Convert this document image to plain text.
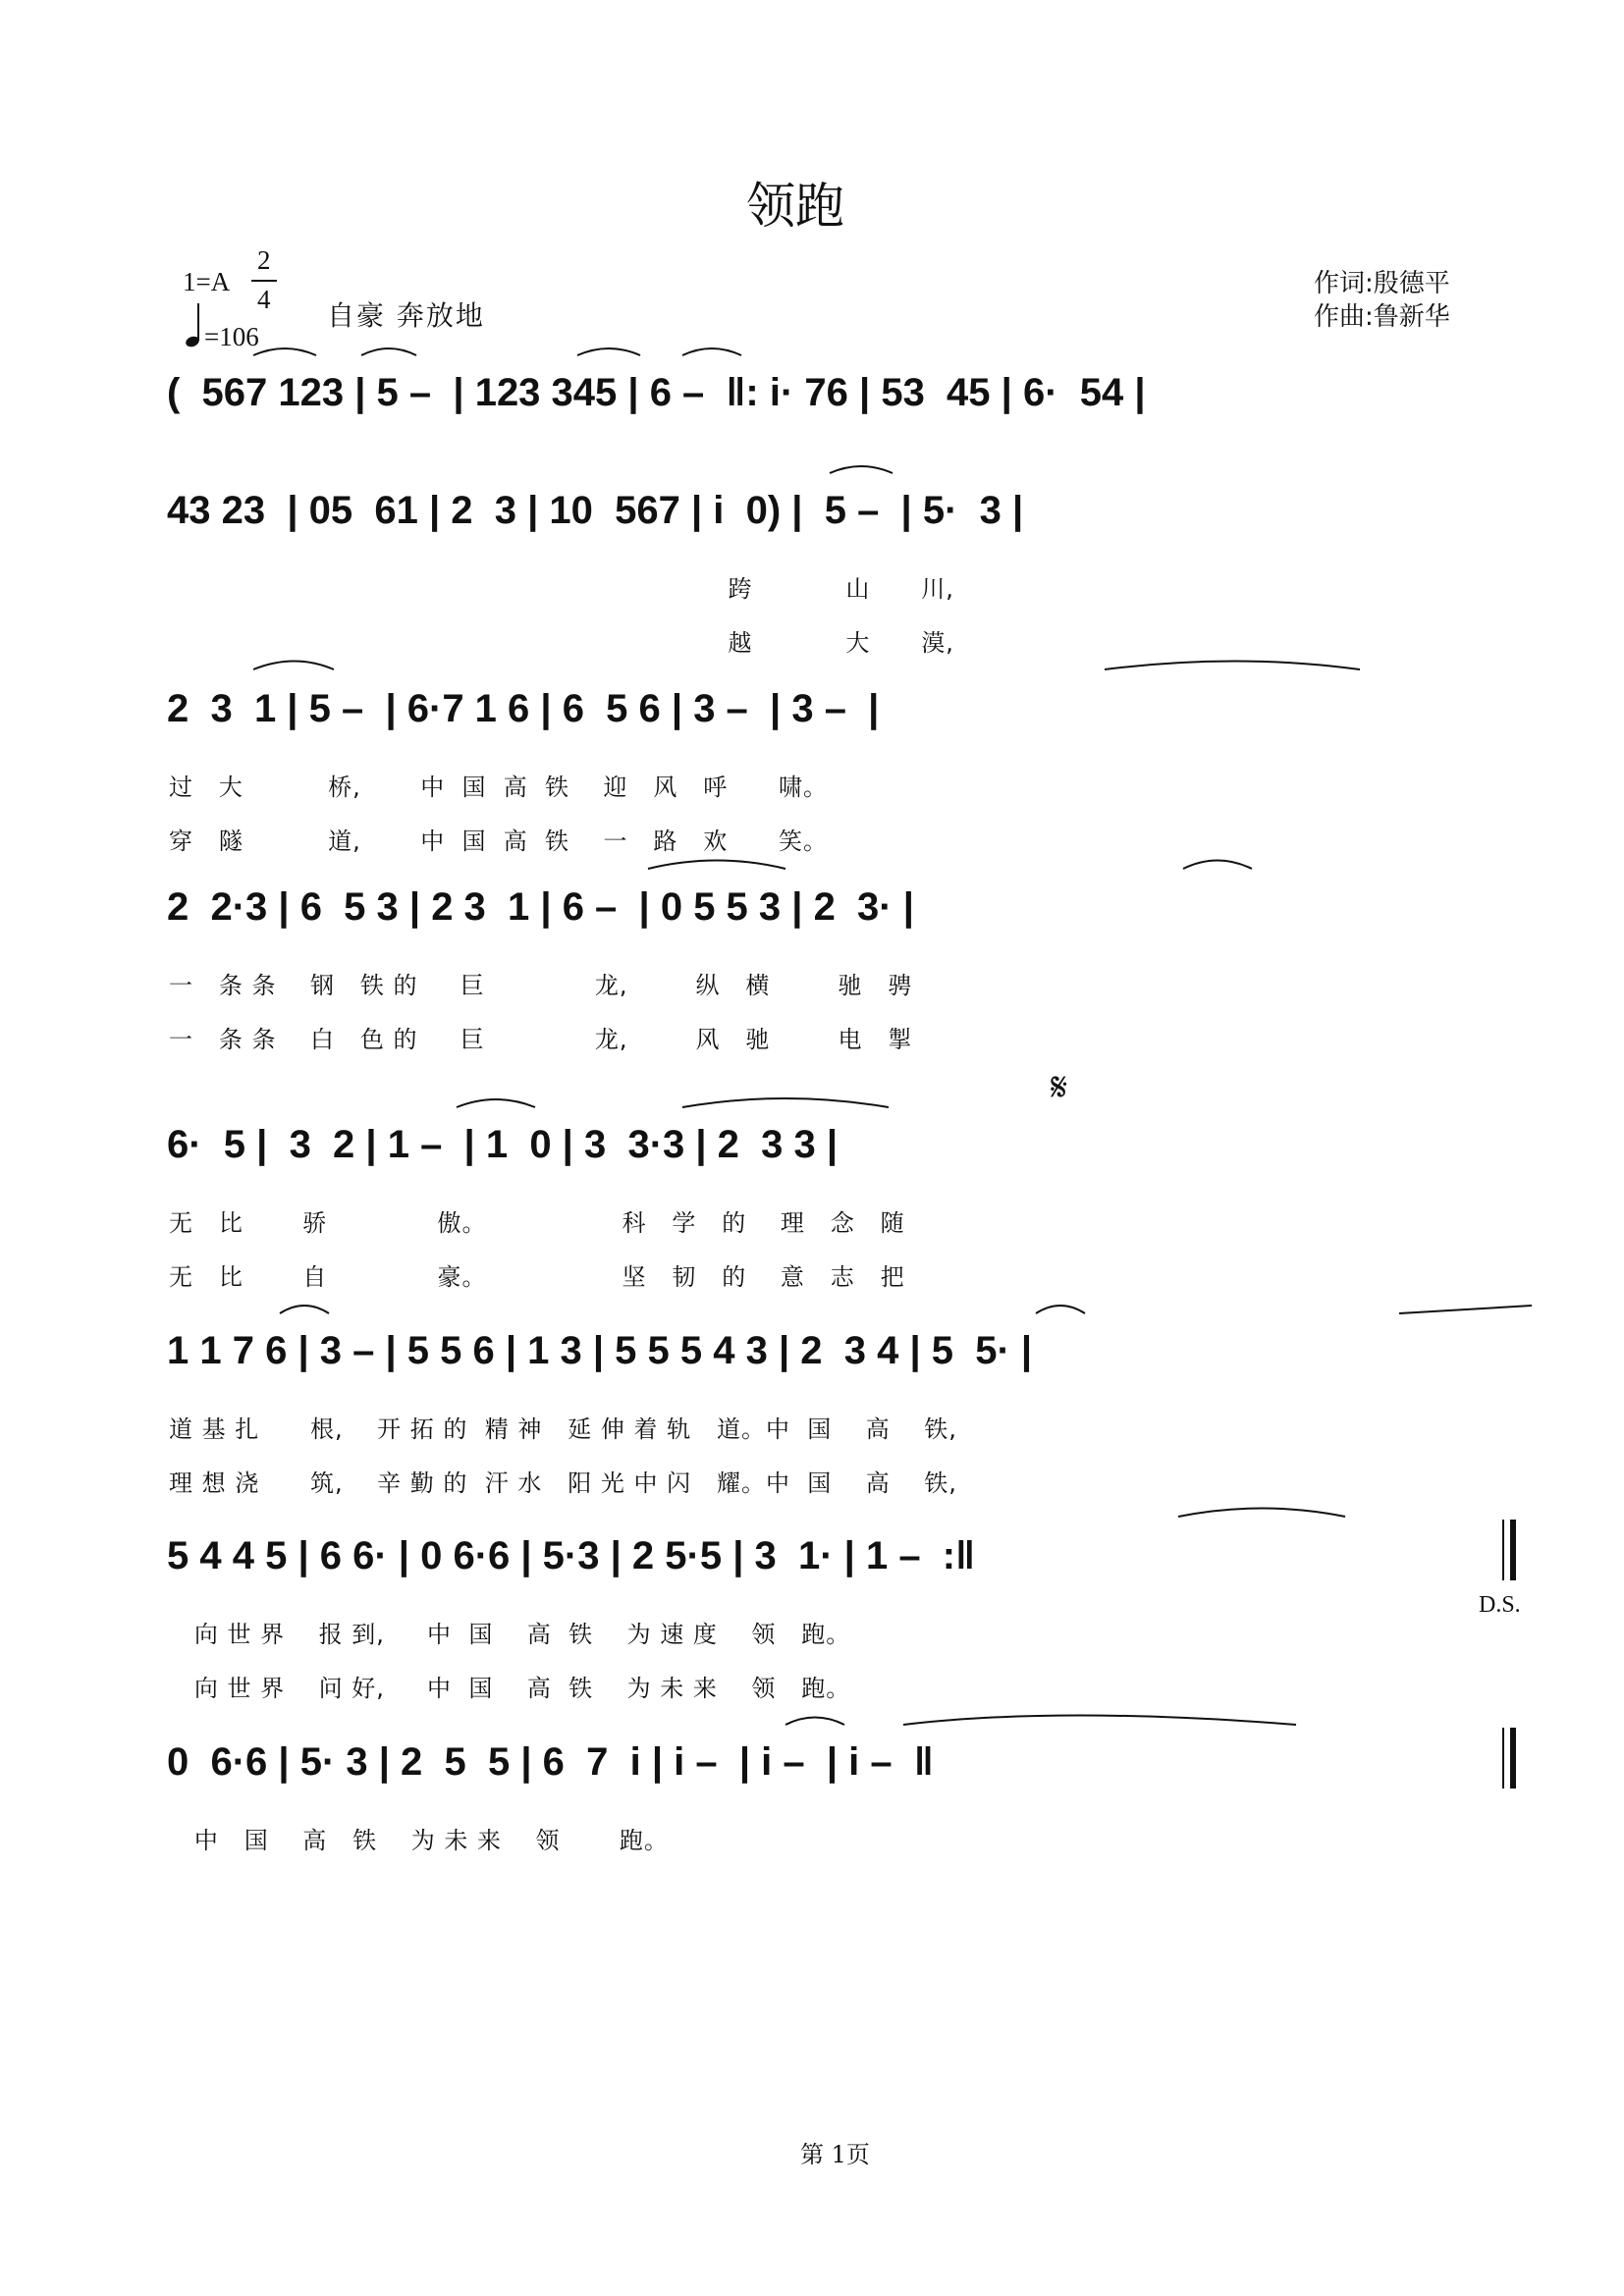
领跑
1=A
2
4
=106
自豪 奔放地
作词:殷德平
作曲:鲁新华
(  567 123 | 5 –  | 123 345 | 6 –  ‖: i· 76 | 53  45 | 6·  54 |
43 23  | 05  61 | 2  3 | 10  567 | i  0) |  5 –  | 5·  3 |
跨           山      川,
越           大      漠,
2  3  1 | 5 –  | 6·7 1 6 | 6  5 6 | 3 –  | 3 –  |
过   大          桥,       中  国  高  铁    迎   风   呼      啸。
穿   隧          道,       中  国  高  铁    一   路   欢      笑。
2  2·3 | 6  5 3 | 2 3  1 | 6 –  | 0 5 5 3 | 2  3· |
一   条 条    钢   铁 的     巨             龙,        纵   横        驰   骋
一   条 条    白   色 的     巨             龙,        风   驰        电   掣
𝄋
6·  5 |  3  2 | 1 –  | 1  0 | 3  3·3 | 2  3 3 |
无   比       骄             傲。                科   学   的    理   念   随
无   比       自             豪。                坚   韧   的    意   志   把
1 1 7 6 | 3 – | 5 5 6 | 1 3 | 5 5 5 4 3 | 2  3 4 | 5  5· |
道 基 扎      根,    开 拓 的  精 神   延 伸 着 轨   道。中  国    高    铁,
理 想 浇      筑,    辛 勤 的  汗 水   阳 光 中 闪   耀。中  国    高    铁,
5 4 4 5 | 6 6· | 0 6·6 | 5·3 | 2 5·5 | 3  1· | 1 –  :‖
D.S.
向 世 界    报 到,     中  国    高  铁    为 速 度    领   跑。
向 世 界    问 好,     中  国    高  铁    为 未 来    领   跑。
0  6·6 | 5· 3 | 2  5  5 | 6  7  i | i –  | i –  | i –  ‖
中   国    高   铁    为 未 来    领       跑。
第 1页
